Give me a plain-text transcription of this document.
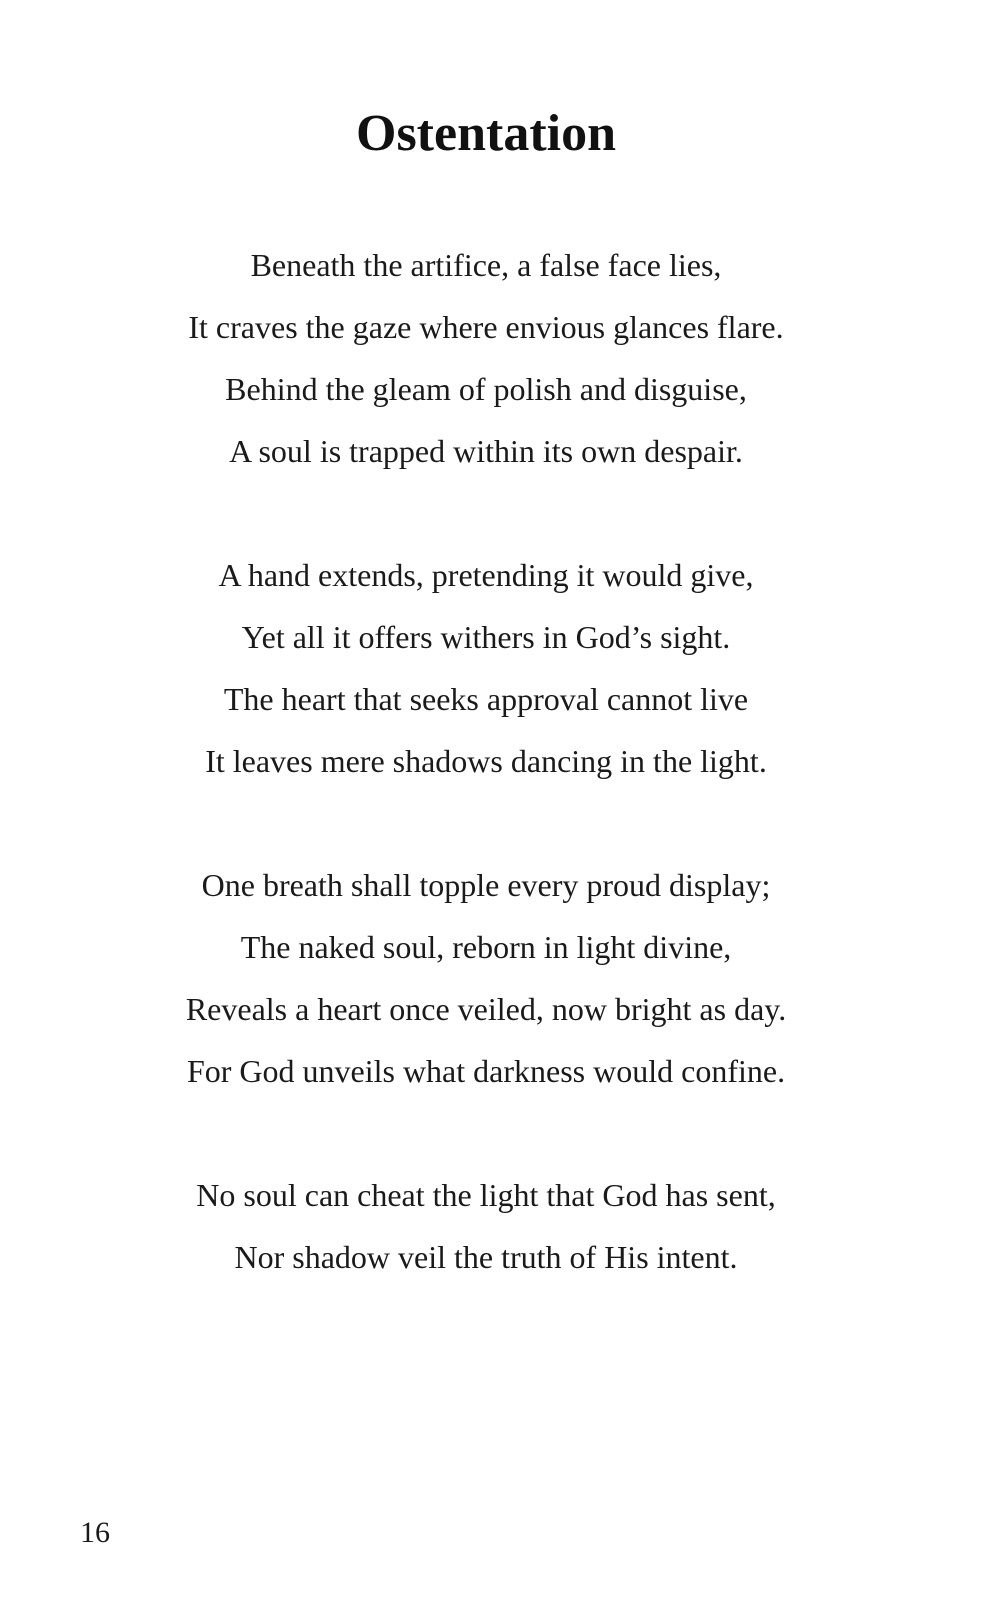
Ostentation
Beneath the artifice, a false face lies,
It craves the gaze where envious glances flare.
Behind the gleam of polish and disguise,
A soul is trapped within its own despair.
A hand extends, pretending it would give,
Yet all it offers withers in God’s sight.
The heart that seeks approval cannot live
It leaves mere shadows dancing in the light.
One breath shall topple every proud display;
The naked soul, reborn in light divine,
Reveals a heart once veiled, now bright as day.
For God unveils what darkness would confine.
No soul can cheat the light that God has sent,
Nor shadow veil the truth of His intent.
16
